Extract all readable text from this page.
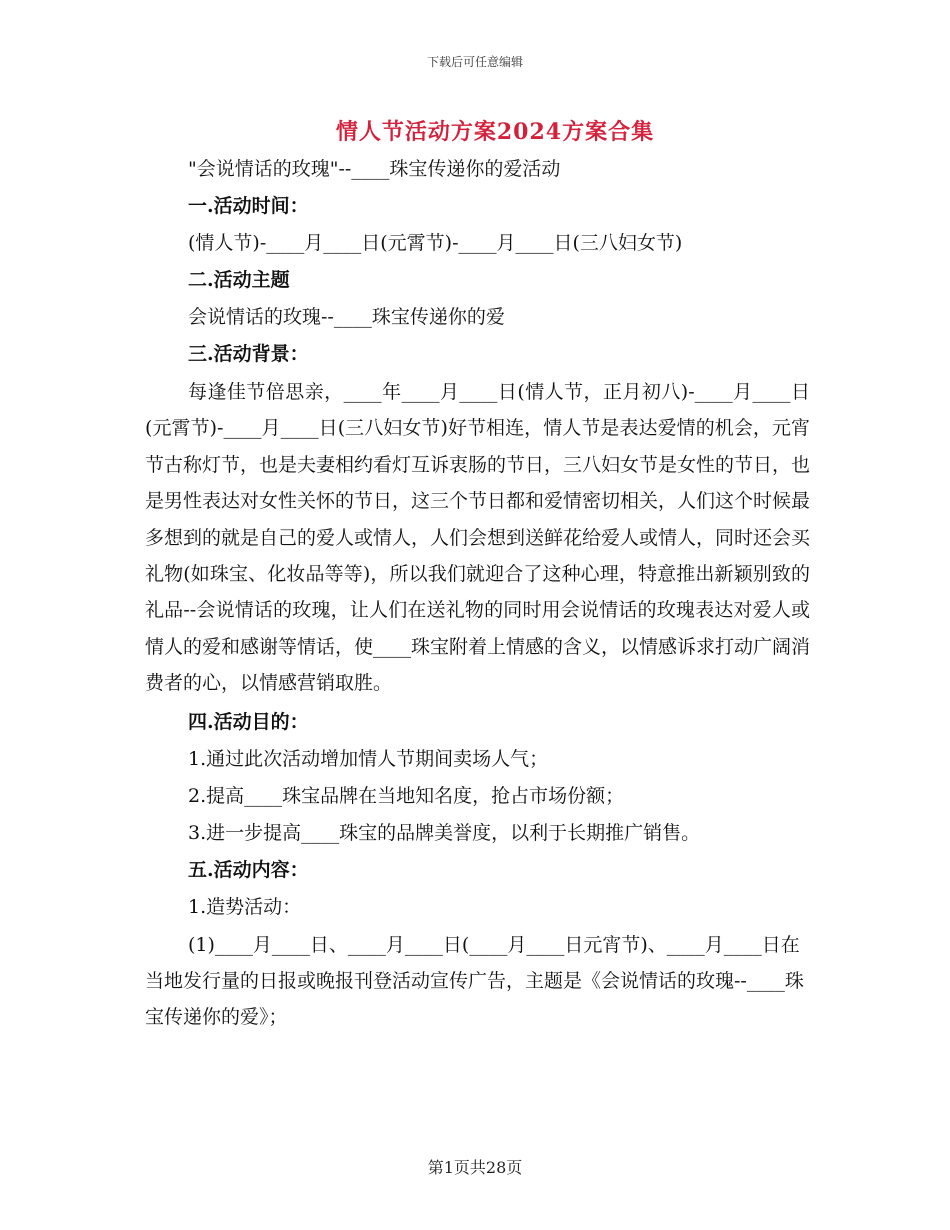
下载后可任意编辑
情人节活动方案2024方案合集
"会说情话的玫瑰"--____珠宝传递你的爱活动
一.活动时间：
(情人节)-____月____日(元霄节)-____月____日(三八妇女节)
二.活动主题
会说情话的玫瑰--____珠宝传递你的爱
三.活动背景：
每逢佳节倍思亲，____年____月____日(情人节，正月初八)-____月____日(元霄节)-____月____日(三八妇女节)好节相连，情人节是表达爱情的机会，元宵节古称灯节，也是夫妻相约看灯互诉衷肠的节日，三八妇女节是女性的节日，也是男性表达对女性关怀的节日，这三个节日都和爱情密切相关，人们这个时候最多想到的就是自己的爱人或情人，人们会想到送鲜花给爱人或情人，同时还会买礼物(如珠宝、化妆品等等)，所以我们就迎合了这种心理，特意推出新颖别致的礼品--会说情话的玫瑰，让人们在送礼物的同时用会说情话的玫瑰表达对爱人或情人的爱和感谢等情话，使____珠宝附着上情感的含义，以情感诉求打动广阔消费者的心，以情感营销取胜。
四.活动目的：
1.通过此次活动增加情人节期间卖场人气；
2.提高____珠宝品牌在当地知名度，抢占市场份额；
3.进一步提高____珠宝的品牌美誉度，以利于长期推广销售。
五.活动内容：
1.造势活动：
(1)____月____日、____月____日(____月____日元宵节)、____月____日在当地发行量的日报或晚报刊登活动宣传广告，主题是《会说情话的玫瑰--____珠宝传递你的爱》；
第1页共28页
